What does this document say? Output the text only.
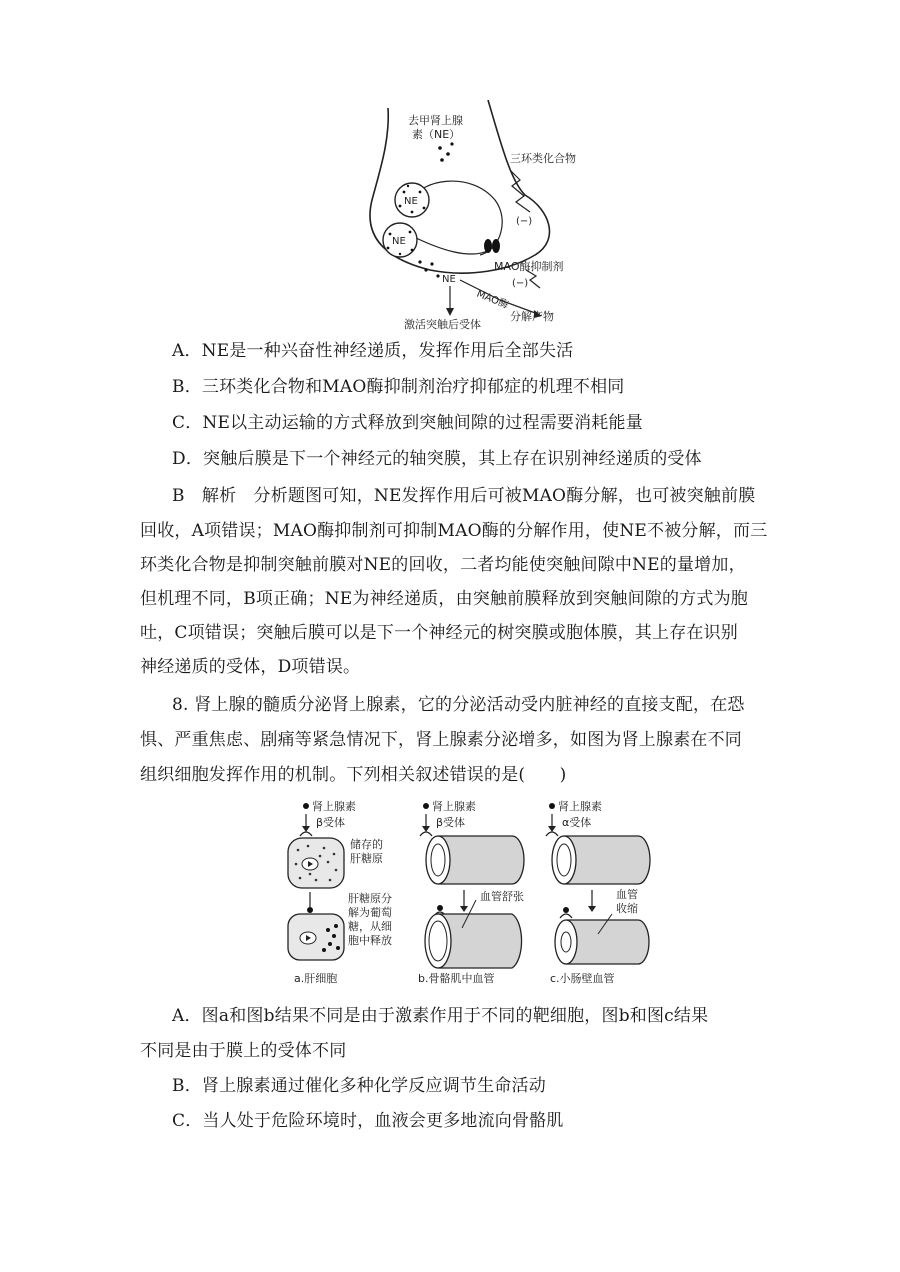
去甲肾上腺
素（NE）
三环类化合物
(−)
MAO酶抑制剂
(−)
MAO酶
NE
NE
NE
激活突触后受体
分解产物
A．NE是一种兴奋性神经递质，发挥作用后全部失活
B．三环类化合物和MAO酶抑制剂治疗抑郁症的机理不相同
C．NE以主动运输的方式释放到突触间隙的过程需要消耗能量
D．突触后膜是下一个神经元的轴突膜，其上存在识别神经递质的受体
B　解析　分析题图可知，NE发挥作用后可被MAO酶分解，也可被突触前膜
回收，A项错误；MAO酶抑制剂可抑制MAO酶的分解作用，使NE不被分解，而三
环类化合物是抑制突触前膜对NE的回收，二者均能使突触间隙中NE的量增加，
但机理不同，B项正确；NE为神经递质，由突触前膜释放到突触间隙的方式为胞
吐，C项错误；突触后膜可以是下一个神经元的树突膜或胞体膜，其上存在识别
神经递质的受体，D项错误。
8. 肾上腺的髓质分泌肾上腺素，它的分泌活动受内脏神经的直接支配，在恐
惧、严重焦虑、剧痛等紧急情况下，肾上腺素分泌增多，如图为肾上腺素在不同
组织细胞发挥作用的机制。下列相关叙述错误的是(　　)
肾上腺素
β受体
储存的
肝糖原
肝糖原分
解为葡萄
糖，从细
胞中释放
a.肝细胞
肾上腺素
β受体
血管舒张
b.骨骼肌中血管
肾上腺素
α受体
血管
收缩
c.小肠壁血管
A．图a和图b结果不同是由于激素作用于不同的靶细胞，图b和图c结果
不同是由于膜上的受体不同
B．肾上腺素通过催化多种化学反应调节生命活动
C．当人处于危险环境时，血液会更多地流向骨骼肌
